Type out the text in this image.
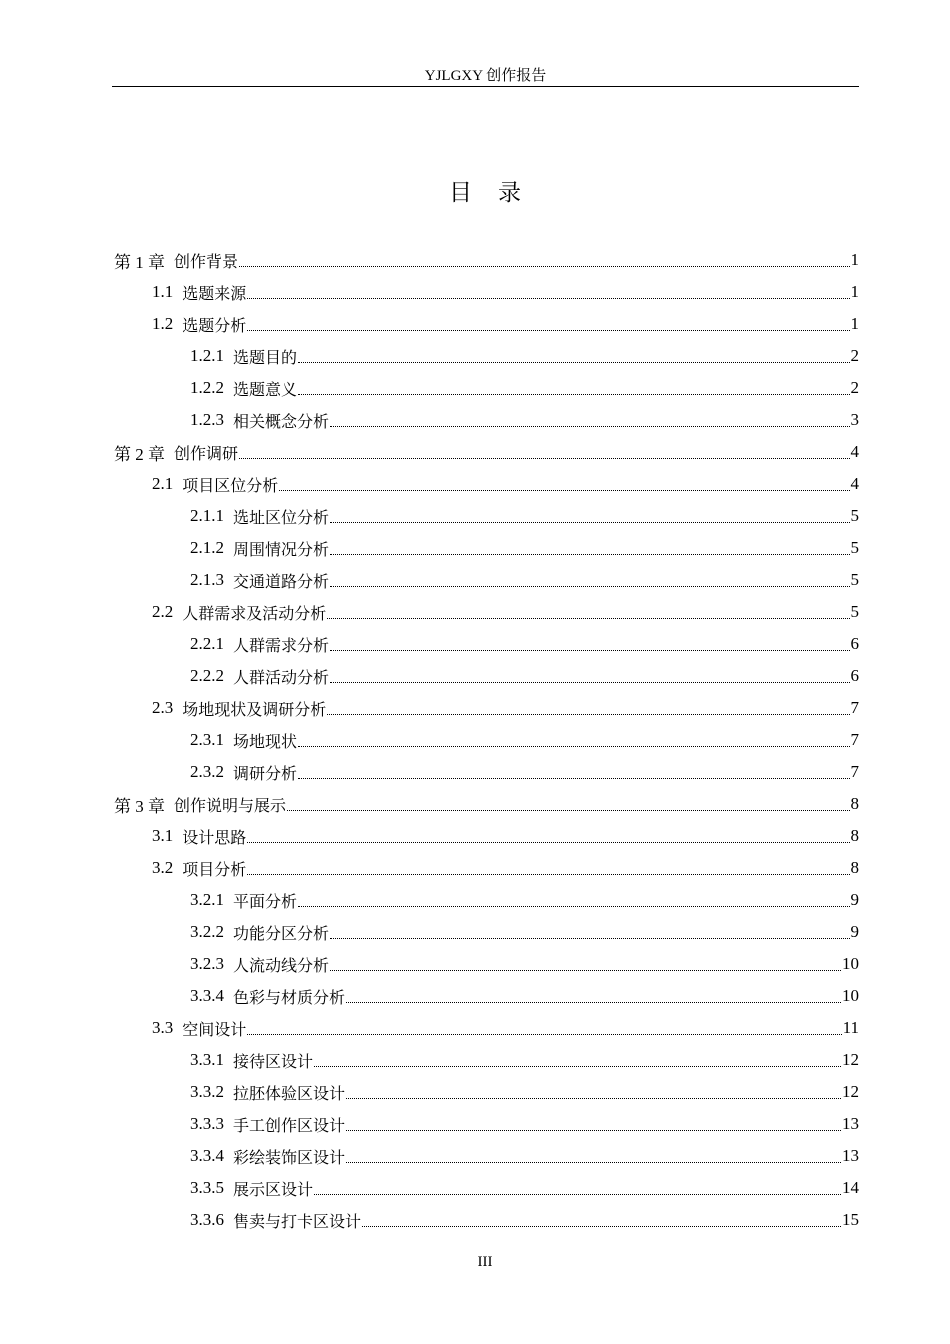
YJLGXY 创作报告
目 录
第 1 章 创作背景	1
1.1 选题来源	1
1.2 选题分析	1
1.2.1 选题目的	2
1.2.2 选题意义	2
1.2.3 相关概念分析	3
第 2 章 创作调研	4
2.1 项目区位分析	4
2.1.1 选址区位分析	5
2.1.2 周围情况分析	5
2.1.3 交通道路分析	5
2.2 人群需求及活动分析	5
2.2.1 人群需求分析	6
2.2.2 人群活动分析	6
2.3 场地现状及调研分析	7
2.3.1 场地现状	7
2.3.2 调研分析	7
第 3 章 创作说明与展示	8
3.1 设计思路	8
3.2 项目分析	8
3.2.1 平面分析	9
3.2.2 功能分区分析	9
3.2.3 人流动线分析	10
3.3.4 色彩与材质分析	10
3.3 空间设计	11
3.3.1 接待区设计	12
3.3.2 拉胚体验区设计	12
3.3.3 手工创作区设计	13
3.3.4 彩绘装饰区设计	13
3.3.5 展示区设计	14
3.3.6 售卖与打卡区设计	15
III
